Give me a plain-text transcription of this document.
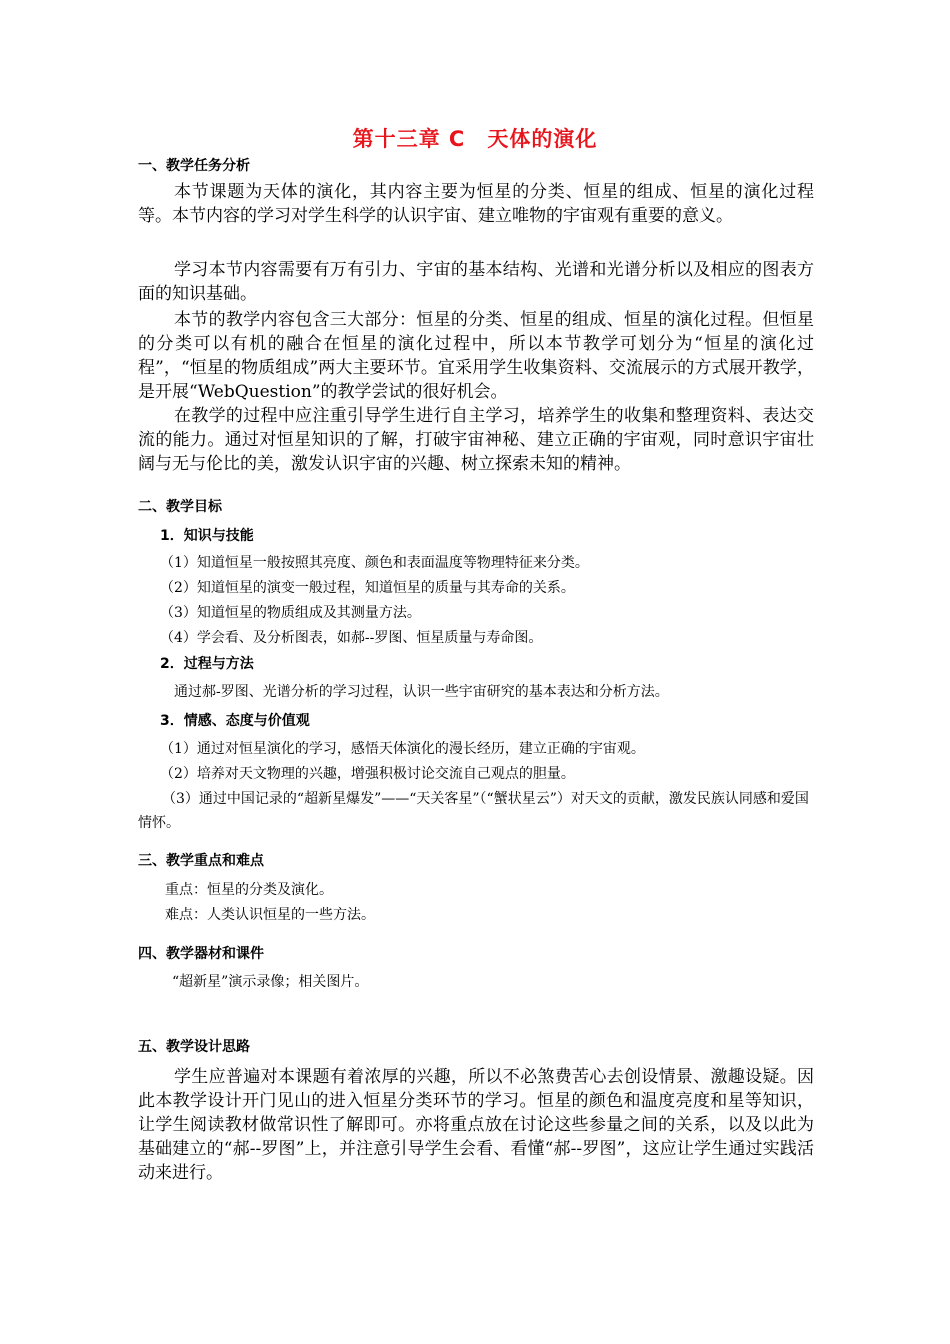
第十三章 C　天体的演化
一、教学任务分析

本节课题为天体的演化，其内容主要为恒星的分类、恒星的组成、恒星的演化过程等。本节内容的学习对学生科学的认识宇宙、建立唯物的宇宙观有重要的意义。

学习本节内容需要有万有引力、宇宙的基本结构、光谱和光谱分析以及相应的图表方面的知识基础。

本节的教学内容包含三大部分：恒星的分类、恒星的组成、恒星的演化过程。但恒星的分类可以有机的融合在恒星的演化过程中，所以本节教学可划分为“恒星的演化过程”，“恒星的物质组成”两大主要环节。宜采用学生收集资料、交流展示的方式展开教学，是开展“WebQuestion”的教学尝试的很好机会。

在教学的过程中应注重引导学生进行自主学习，培养学生的收集和整理资料、表达交流的能力。通过对恒星知识的了解，打破宇宙神秘、建立正确的宇宙观，同时意识宇宙壮阔与无与伦比的美，激发认识宇宙的兴趣、树立探索未知的精神。

二、教学目标
1．知识与技能

（1）知道恒星一般按照其亮度、颜色和表面温度等物理特征来分类。

（2）知道恒星的演变一般过程，知道恒星的质量与其寿命的关系。

（3）知道恒星的物质组成及其测量方法。

（4）学会看、及分析图表，如郝--罗图、恒星质量与寿命图。

2．过程与方法

通过郝-罗图、光谱分析的学习过程，认识一些宇宙研究的基本表达和分析方法。

3．情感、态度与价值观

（1）通过对恒星演化的学习，感悟天体演化的漫长经历，建立正确的宇宙观。

（2）培养对天文物理的兴趣，增强积极讨论交流自己观点的胆量。

（3）通过中国记录的“超新星爆发”——“天关客星”（“蟹状星云”）对天文的贡献，激发民族认同感和爱国情怀。

三、教学重点和难点

重点：恒星的分类及演化。

难点：人类认识恒星的一些方法。

四、教学器材和课件

“超新星”演示录像；相关图片。

五、教学设计思路

学生应普遍对本课题有着浓厚的兴趣，所以不必煞费苦心去创设情景、激趣设疑。因此本教学设计开门见山的进入恒星分类环节的学习。恒星的颜色和温度亮度和星等知识，让学生阅读教材做常识性了解即可。亦将重点放在讨论这些参量之间的关系，以及以此为基础建立的“郝--罗图”上，并注意引导学生会看、看懂“郝--罗图”，这应让学生通过实践活动来进行。
